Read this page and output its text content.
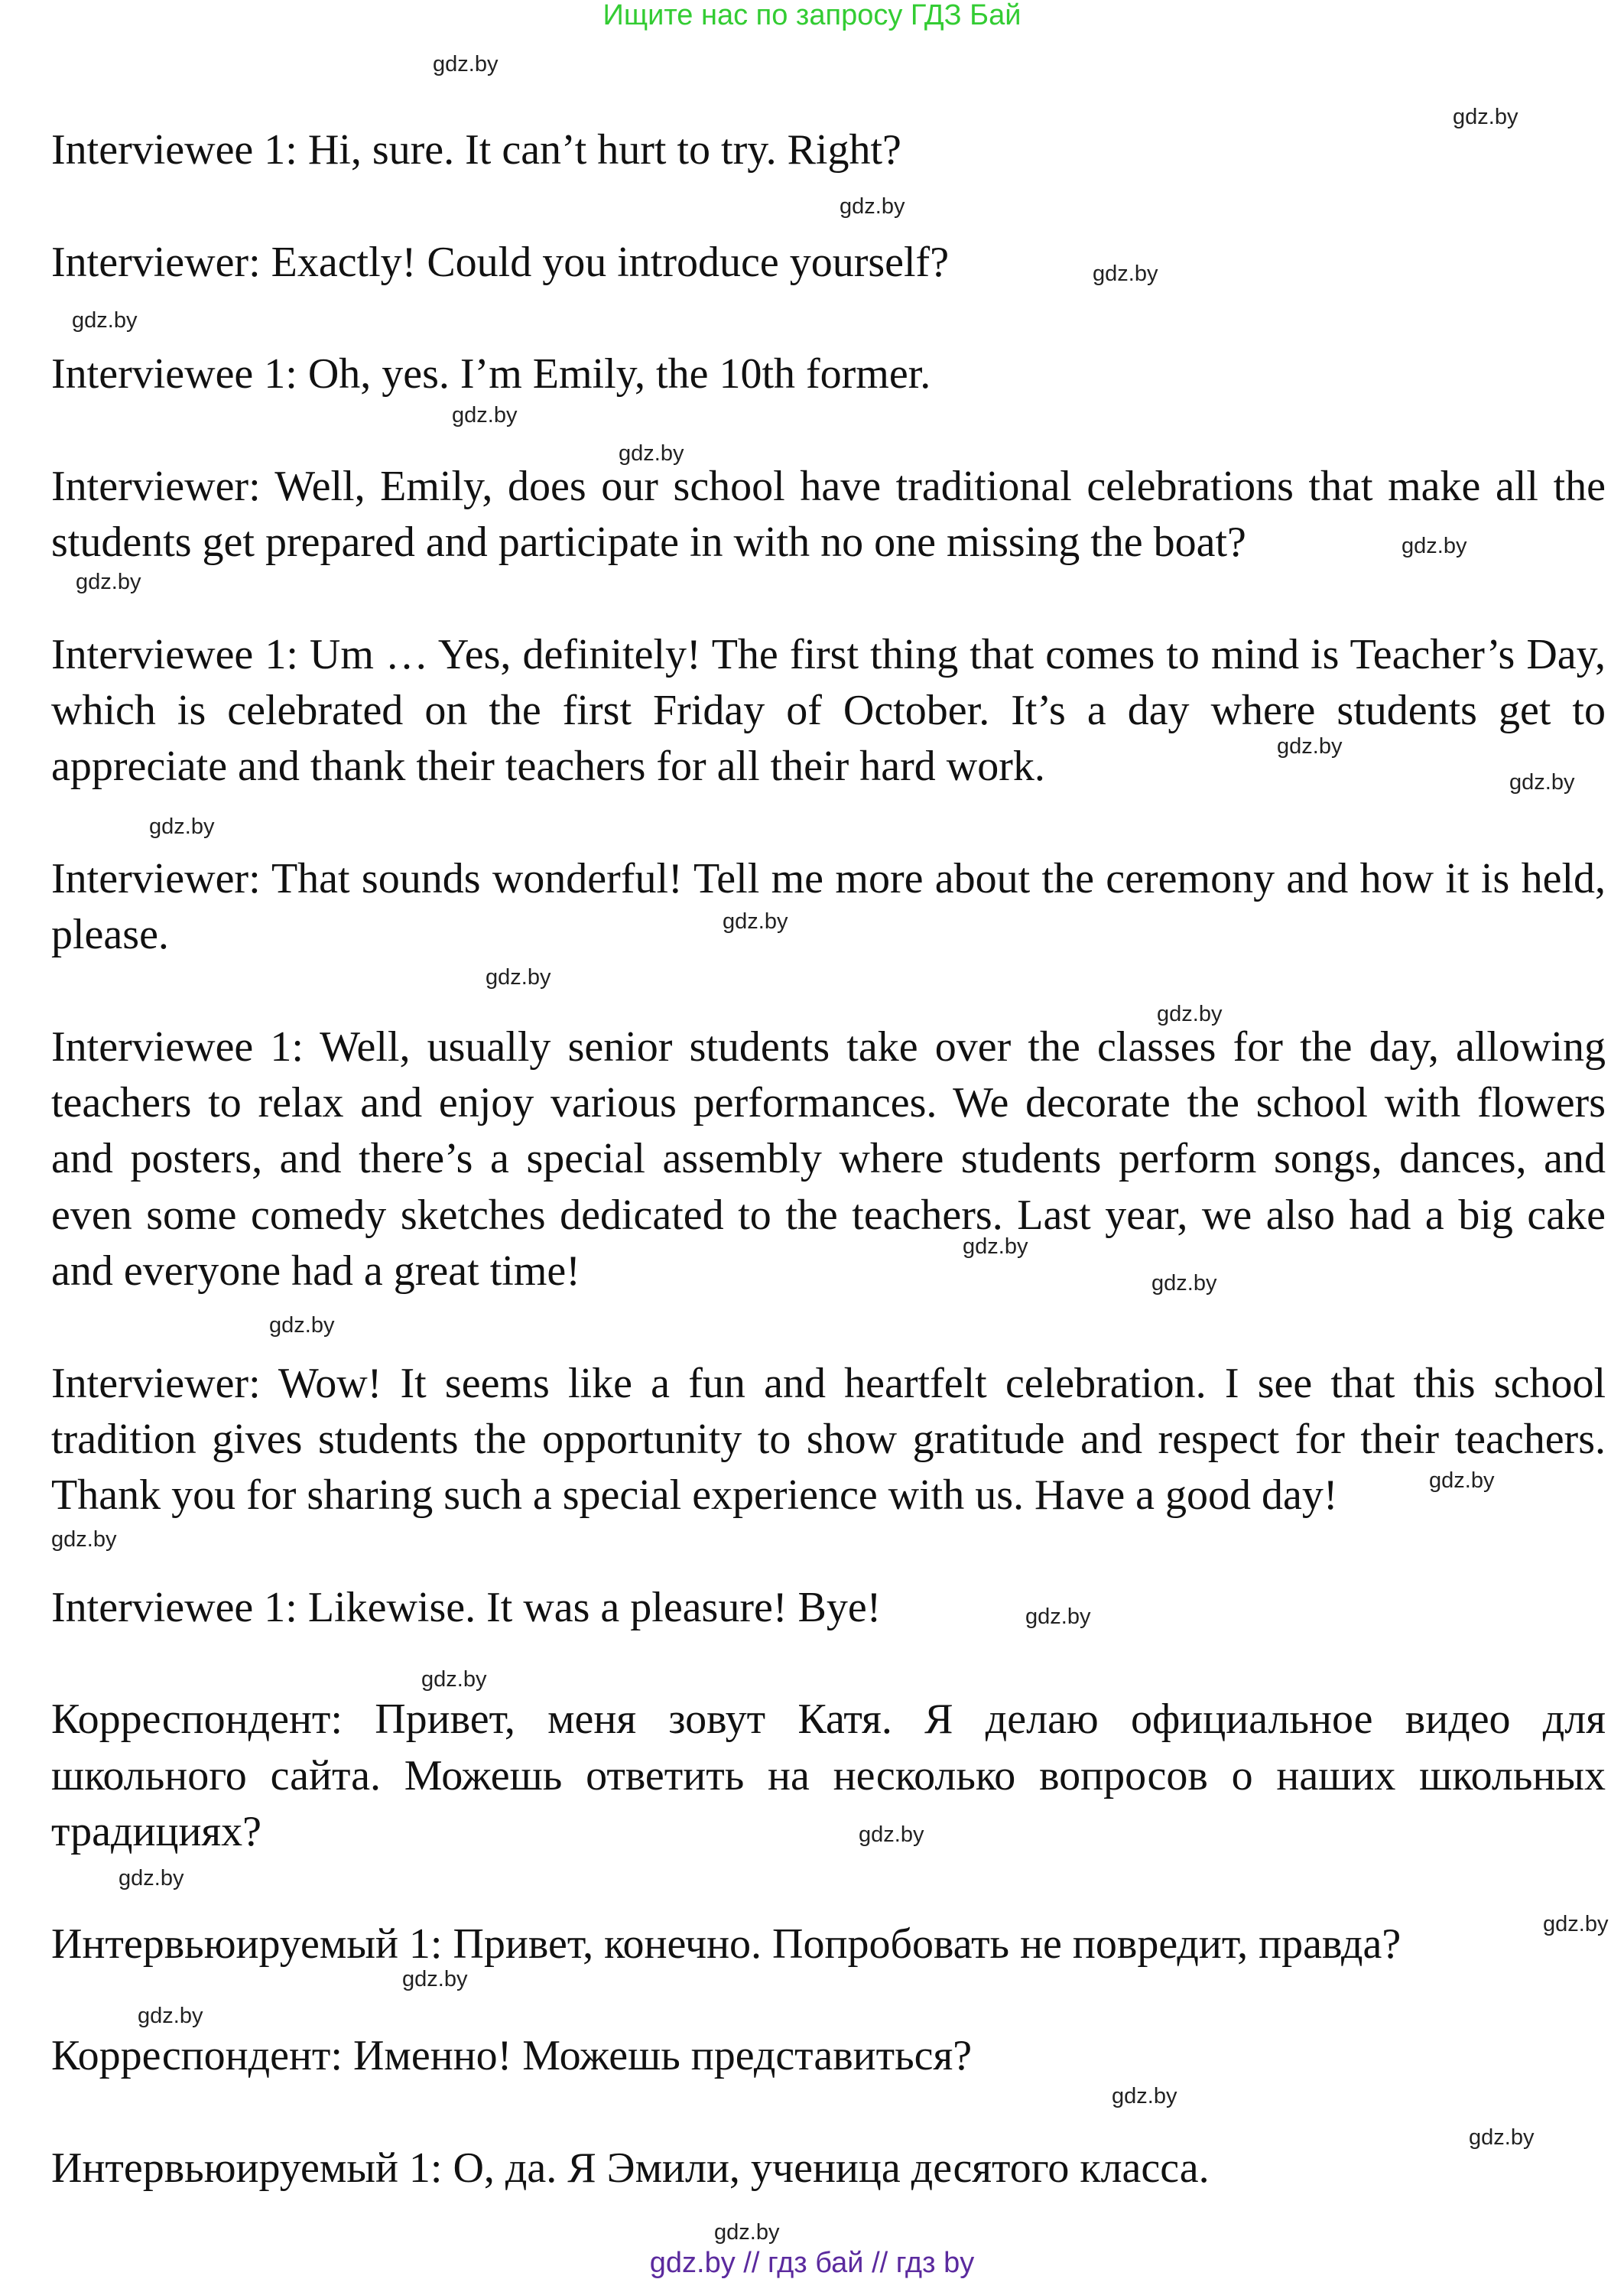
Ищите нас по запросу ГДЗ Бай

Interviewee 1: Hi, sure. It can’t hurt to try. Right?

Interviewer: Exactly! Could you introduce yourself?

Interviewee 1: Oh, yes. I’m Emily, the 10th former.

Interviewer: Well, Emily, does our school have traditional celebrations that make all the students get prepared and participate in with no one missing the boat?

Interviewee 1: Um … Yes, definitely! The first thing that comes to mind is Teacher’s Day, which is celebrated on the first Friday of October. It’s a day where students get to appreciate and thank their teachers for all their hard work.

Interviewer: That sounds wonderful! Tell me more about the ceremony and how it is held, please.

Interviewee 1: Well, usually senior students take over the classes for the day, allowing teachers to relax and enjoy various performances. We decorate the school with flowers and posters, and there’s a special assembly where students perform songs, dances, and even some comedy sketches dedicated to the teachers. Last year, we also had a big cake and everyone had a great time!

Interviewer: Wow! It seems like a fun and heartfelt celebration. I see that this school tradition gives students the opportunity to show gratitude and respect for their teachers. Thank you for sharing such a special experience with us. Have a good day!

Interviewee 1: Likewise. It was a pleasure! Bye!

Корреспондент: Привет, меня зовут Катя. Я делаю официальное видео для школьного сайта. Можешь ответить на несколько вопросов о наших школьных традициях?

Интервьюируемый 1: Привет, конечно. Попробовать не повредит, правда?

Корреспондент: Именно! Можешь представиться?

Интервьюируемый 1: О, да. Я Эмили, ученица десятого класса.

gdz.by
gdz.by
gdz.by
gdz.by
gdz.by
gdz.by
gdz.by
gdz.by
gdz.by
gdz.by
gdz.by
gdz.by
gdz.by
gdz.by
gdz.by
gdz.by
gdz.by
gdz.by
gdz.by
gdz.by
gdz.by
gdz.by
gdz.by
gdz.by
gdz.by
gdz.by
gdz.by
gdz.by
gdz.by
gdz.by
gdz.by // гдз бай // гдз by
